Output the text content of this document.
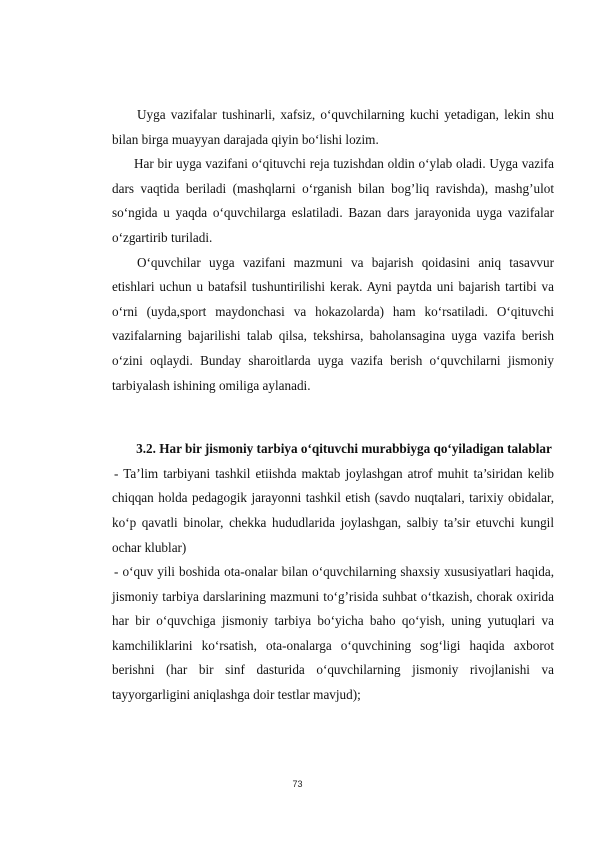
Uyga vazifalar tushinarli, xafsiz, o‘quvchilarning kuchi yetadigan, lekin shu bilan birga muayyan darajada qiyin bo‘lishi lozim.

Har bir uyga vazifani o‘qituvchi reja tuzishdan oldin o‘ylab oladi. Uyga vazifa dars vaqtida beriladi (mashqlarni o‘rganish bilan bog’liq ravishda), mashg’ulot so‘ngida u yaqda o‘quvchilarga eslatiladi. Bazan dars jarayonida uyga vazifalar o‘zgartirib turiladi.

O‘quvchilar uyga vazifani mazmuni va bajarish qoidasini aniq tasavvur etishlari uchun u batafsil tushuntirilishi kerak. Ayni paytda uni bajarish tartibi va o‘rni (uyda,sport maydonchasi va hokazolarda) ham ko‘rsatiladi. O‘qituvchi vazifalarning bajarilishi talab qilsa, tekshirsa, baholansagina uyga vazifa berish o‘zini oqlaydi. Bunday sharoitlarda uyga vazifa berish o‘quvchilarni jismoniy tarbiyalash ishining omiliga aylanadi.

3.2. Har bir jismoniy tarbiya o‘qituvchi murabbiyga qo‘yiladigan talablar

- Ta’lim tarbiyani tashkil etiishda maktab joylashgan atrof muhit ta’siridan kelib chiqqan holda pedagogik jarayonni tashkil etish (savdo nuqtalari, tarixiy obidalar, ko‘p qavatli binolar, chekka hududlarida joylashgan, salbiy ta’sir etuvchi kungil ochar klublar)

- o‘quv yili boshida ota-onalar bilan o‘quvchilarning shaxsiy xususiyatlari haqida, jismoniy tarbiya darslarining mazmuni to‘g’risida suhbat o‘tkazish, chorak oxirida har bir o‘quvchiga jismoniy tarbiya bo‘yicha baho qo‘yish, uning yutuqlari va kamchiliklarini ko‘rsatish, ota-onalarga o‘quvchining sog‘ligi haqida axborot berishni (har bir sinf dasturida o‘quvchilarning jismoniy rivojlanishi va tayyorgarligini aniqlashga doir testlar mavjud);

73
